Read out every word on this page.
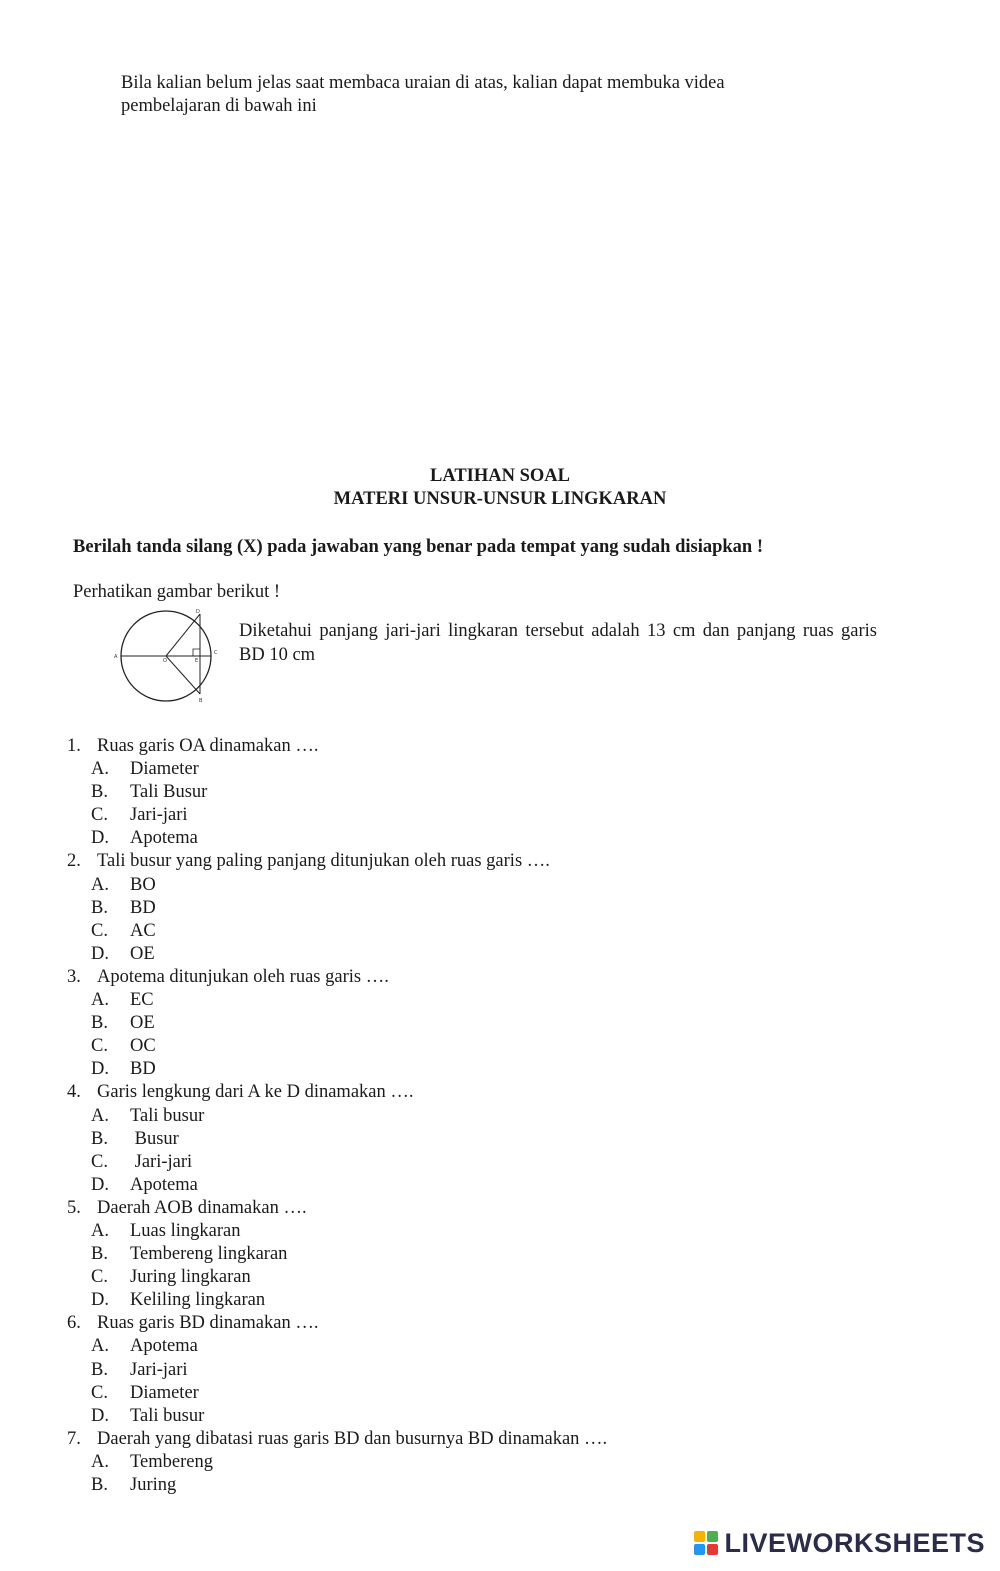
Bila kalian belum jelas saat membaca uraian di atas, kalian dapat membuka videa
pembelajaran di bawah ini
LATIHAN SOAL
MATERI UNSUR-UNSUR LINGKARAN
Berilah tanda silang (X) pada jawaban yang benar pada tempat yang sudah disiapkan !
Perhatikan gambar berikut !
A
C
D
B
O	E
Diketahui panjang jari-jari lingkaran tersebut adalah 13 cm dan panjang ruas garis BD 10 cm
1. Ruas garis OA dinamakan ….
A. Diameter
B. Tali Busur
C. Jari-jari
D. Apotema
2. Tali busur yang paling panjang ditunjukan oleh ruas garis ….
A. BO
B. BD
C. AC
D. OE
3. Apotema ditunjukan oleh ruas garis ….
A. EC
B. OE
C. OC
D. BD
4. Garis lengkung dari A ke D dinamakan ….
A. Tali busur
B. Busur
C. Jari-jari
D. Apotema
5. Daerah AOB dinamakan ….
A. Luas lingkaran
B. Tembereng lingkaran
C. Juring lingkaran
D. Keliling lingkaran
6. Ruas garis BD dinamakan ….
A. Apotema
B. Jari-jari
C. Diameter
D. Tali busur
7. Daerah yang dibatasi ruas garis BD dan busurnya BD dinamakan ….
A. Tembereng
B. Juring
LIVEWORKSHEETS
